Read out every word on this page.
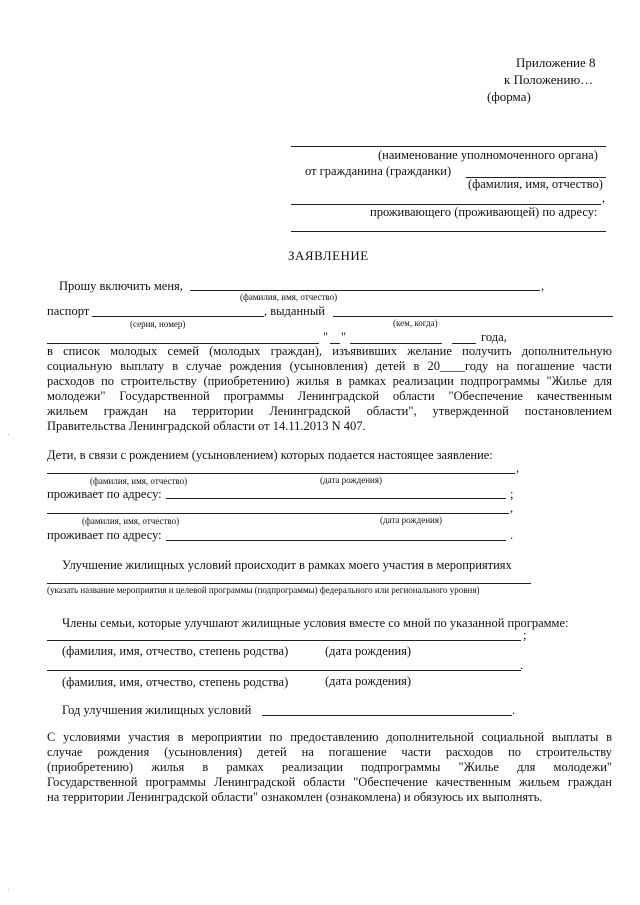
Приложение 8
к Положению…
(форма)
(наименование уполномоченного органа)
от гражданина (гражданки)
(фамилия, имя, отчество)
,
проживающего (проживающей) по адресу:
ЗАЯВЛЕНИЕ
Прошу включить меня,	,
(фамилия, имя, отчество)
паспорт	, выданный
(серия, номер)	(кем, когда)
" "	года,
в список молодых семей (молодых граждан), изъявивших желание получить дополнительную
социальную выплату в случае рождения (усыновления) детей в 20____году на погашение части
расходов по строительству (приобретению) жилья в рамках реализации подпрограммы "Жилье для
молодежи" Государственной программы Ленинградской области "Обеспечение качественным
жильем граждан на территории Ленинградской области", утвержденной постановлением
Правительства Ленинградской области от 14.11.2013 N 407.
Дети, в связи с рождением (усыновлением) которых подается настоящее заявление:
,
(фамилия, имя, отчество)	(дата рождения)
проживает по адресу:	;
,
(фамилия, имя, отчество)	(дата рождения)
проживает по адресу:	.
Улучшение жилищных условий происходит в рамках моего участия в мероприятиях
(указать название мероприятия и целевой программы (подпрограммы) федерального или регионального уровня)
Члены семьи, которые улучшают жилищные условия вместе со мной по указанной программе:
;
(фамилия, имя, отчество, степень родства)	(дата рождения)
.
(фамилия, имя, отчество, степень родства)	(дата рождения)
Год улучшения жилищных условий	.
С условиями участия в мероприятии по предоставлению дополнительной социальной выплаты в
случае рождения (усыновления) детей на погашение части расходов по строительству
(приобретению) жилья в рамках реализации подпрограммы "Жилье для молодежи"
Государственной программы Ленинградской области "Обеспечение качественным жильем граждан
на территории Ленинградской области" ознакомлен (ознакомлена) и обязуюсь их выполнять.
ˈ
ˈ
